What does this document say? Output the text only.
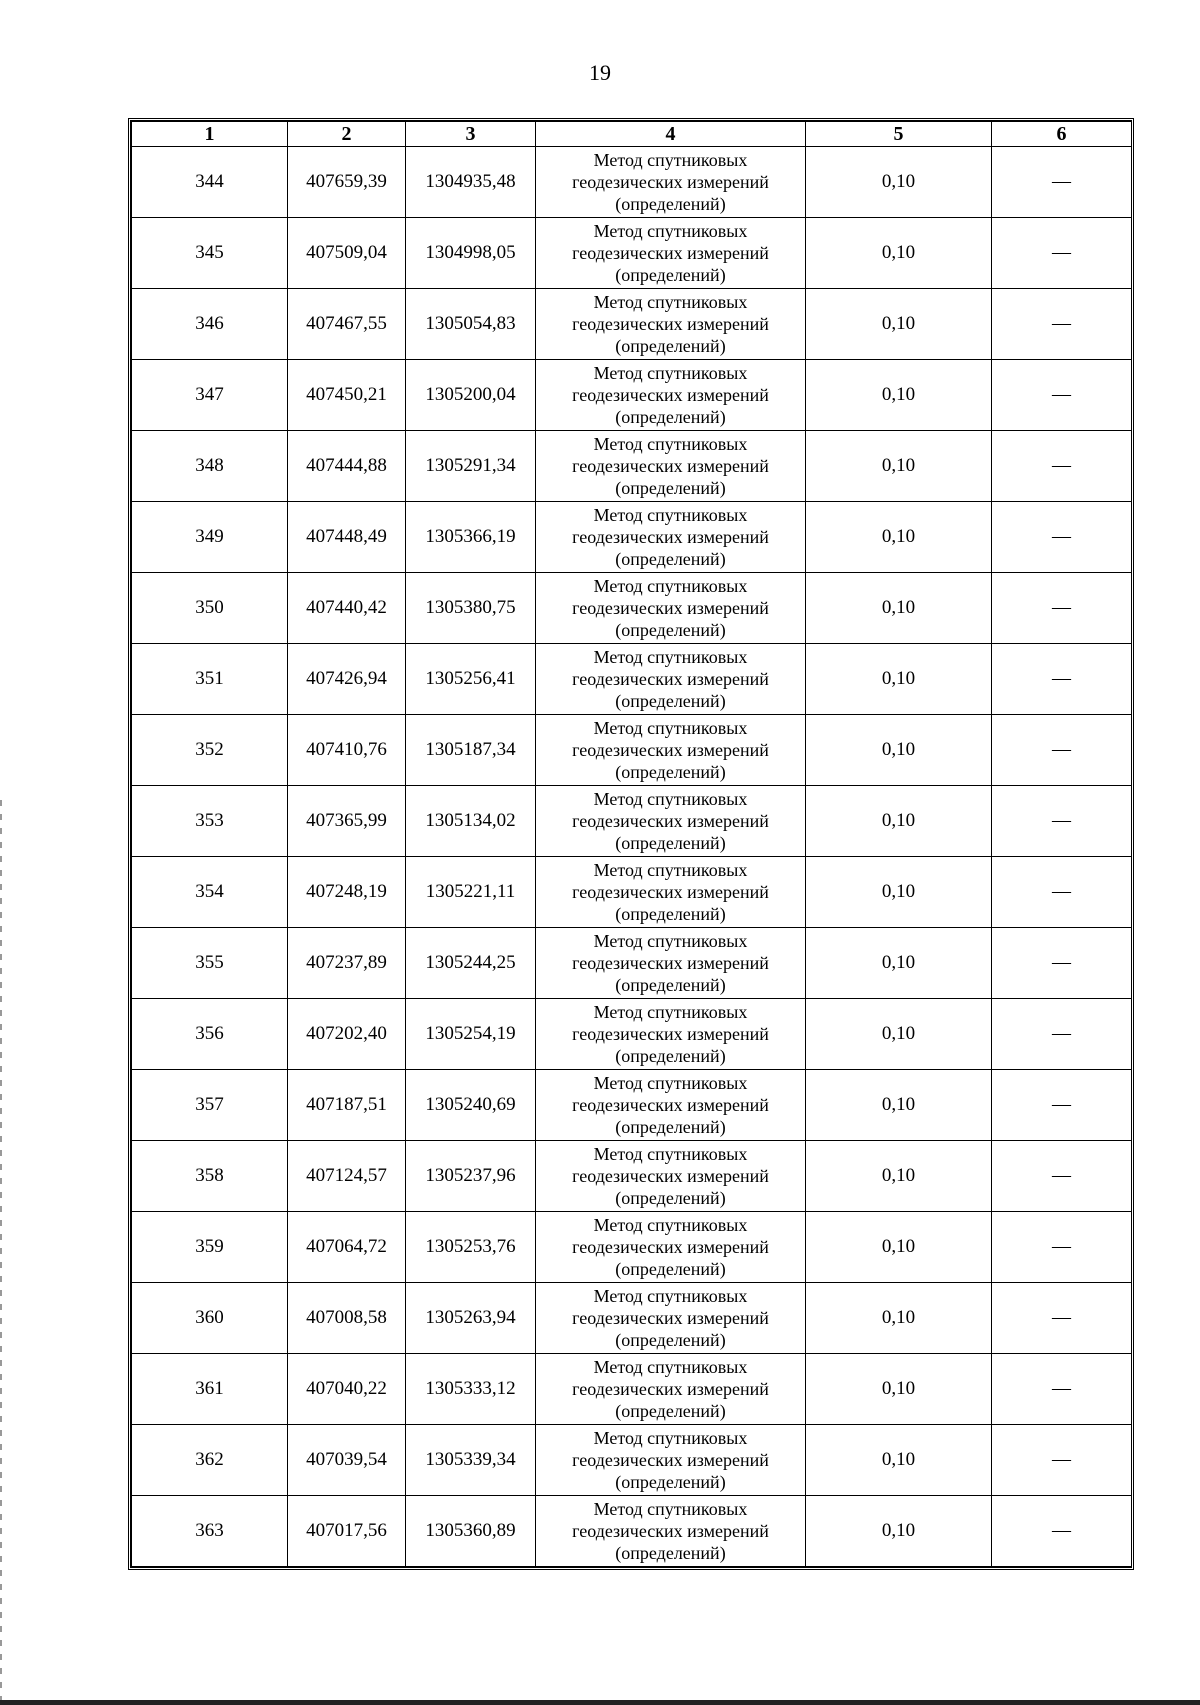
19
1	2	3	4	5	6
344	407659,39	1304935,48	Метод спутниковых
геодезических измерений
(определений)	0,10	—
345	407509,04	1304998,05	Метод спутниковых
геодезических измерений
(определений)	0,10	—
346	407467,55	1305054,83	Метод спутниковых
геодезических измерений
(определений)	0,10	—
347	407450,21	1305200,04	Метод спутниковых
геодезических измерений
(определений)	0,10	—
348	407444,88	1305291,34	Метод спутниковых
геодезических измерений
(определений)	0,10	—
349	407448,49	1305366,19	Метод спутниковых
геодезических измерений
(определений)	0,10	—
350	407440,42	1305380,75	Метод спутниковых
геодезических измерений
(определений)	0,10	—
351	407426,94	1305256,41	Метод спутниковых
геодезических измерений
(определений)	0,10	—
352	407410,76	1305187,34	Метод спутниковых
геодезических измерений
(определений)	0,10	—
353	407365,99	1305134,02	Метод спутниковых
геодезических измерений
(определений)	0,10	—
354	407248,19	1305221,11	Метод спутниковых
геодезических измерений
(определений)	0,10	—
355	407237,89	1305244,25	Метод спутниковых
геодезических измерений
(определений)	0,10	—
356	407202,40	1305254,19	Метод спутниковых
геодезических измерений
(определений)	0,10	—
357	407187,51	1305240,69	Метод спутниковых
геодезических измерений
(определений)	0,10	—
358	407124,57	1305237,96	Метод спутниковых
геодезических измерений
(определений)	0,10	—
359	407064,72	1305253,76	Метод спутниковых
геодезических измерений
(определений)	0,10	—
360	407008,58	1305263,94	Метод спутниковых
геодезических измерений
(определений)	0,10	—
361	407040,22	1305333,12	Метод спутниковых
геодезических измерений
(определений)	0,10	—
362	407039,54	1305339,34	Метод спутниковых
геодезических измерений
(определений)	0,10	—
363	407017,56	1305360,89	Метод спутниковых
геодезических измерений
(определений)	0,10	—
